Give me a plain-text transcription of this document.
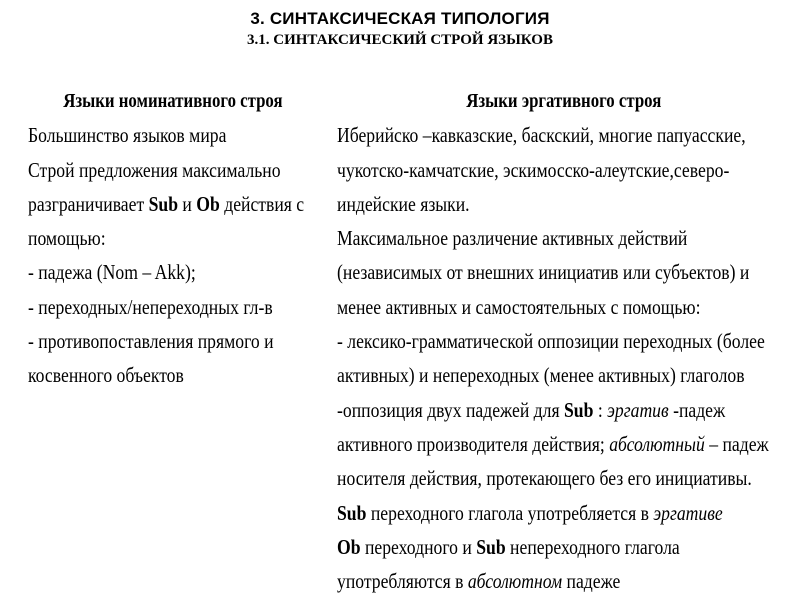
3. СИНТАКСИЧЕСКАЯ ТИПОЛОГИЯ
3.1. СИНТАКСИЧЕСКИЙ СТРОЙ ЯЗЫКОВ
Языки номинативного строя
Большинство языков мира
Строй предложения максимально
разграничивает Sub и Ob действия с
помощью:
- падежа (Nom – Akk);
- переходных/непереходных гл-в
- противопоставления прямого и
косвенного объектов
Языки эргативного строя
Иберийско –кавказские, баскский, многие папуасские,
чукотско-камчатские, эскимосско-алеутские,северо-
индейские языки.
Максимальное различение активных действий
(независимых от внешних инициатив или субъектов) и
менее активных и самостоятельных с помощью:
- лексико-грамматической оппозиции переходных (более
активных) и непереходных (менее активных) глаголов
-оппозиция двух падежей для Sub : эргатив -падеж
активного производителя действия; абсолютный – падеж
носителя действия, протекающего без его инициативы.
Sub переходного глагола употребляется в эргативе
Ob переходного и Sub непереходного глагола
употребляются в абсолютном падеже
